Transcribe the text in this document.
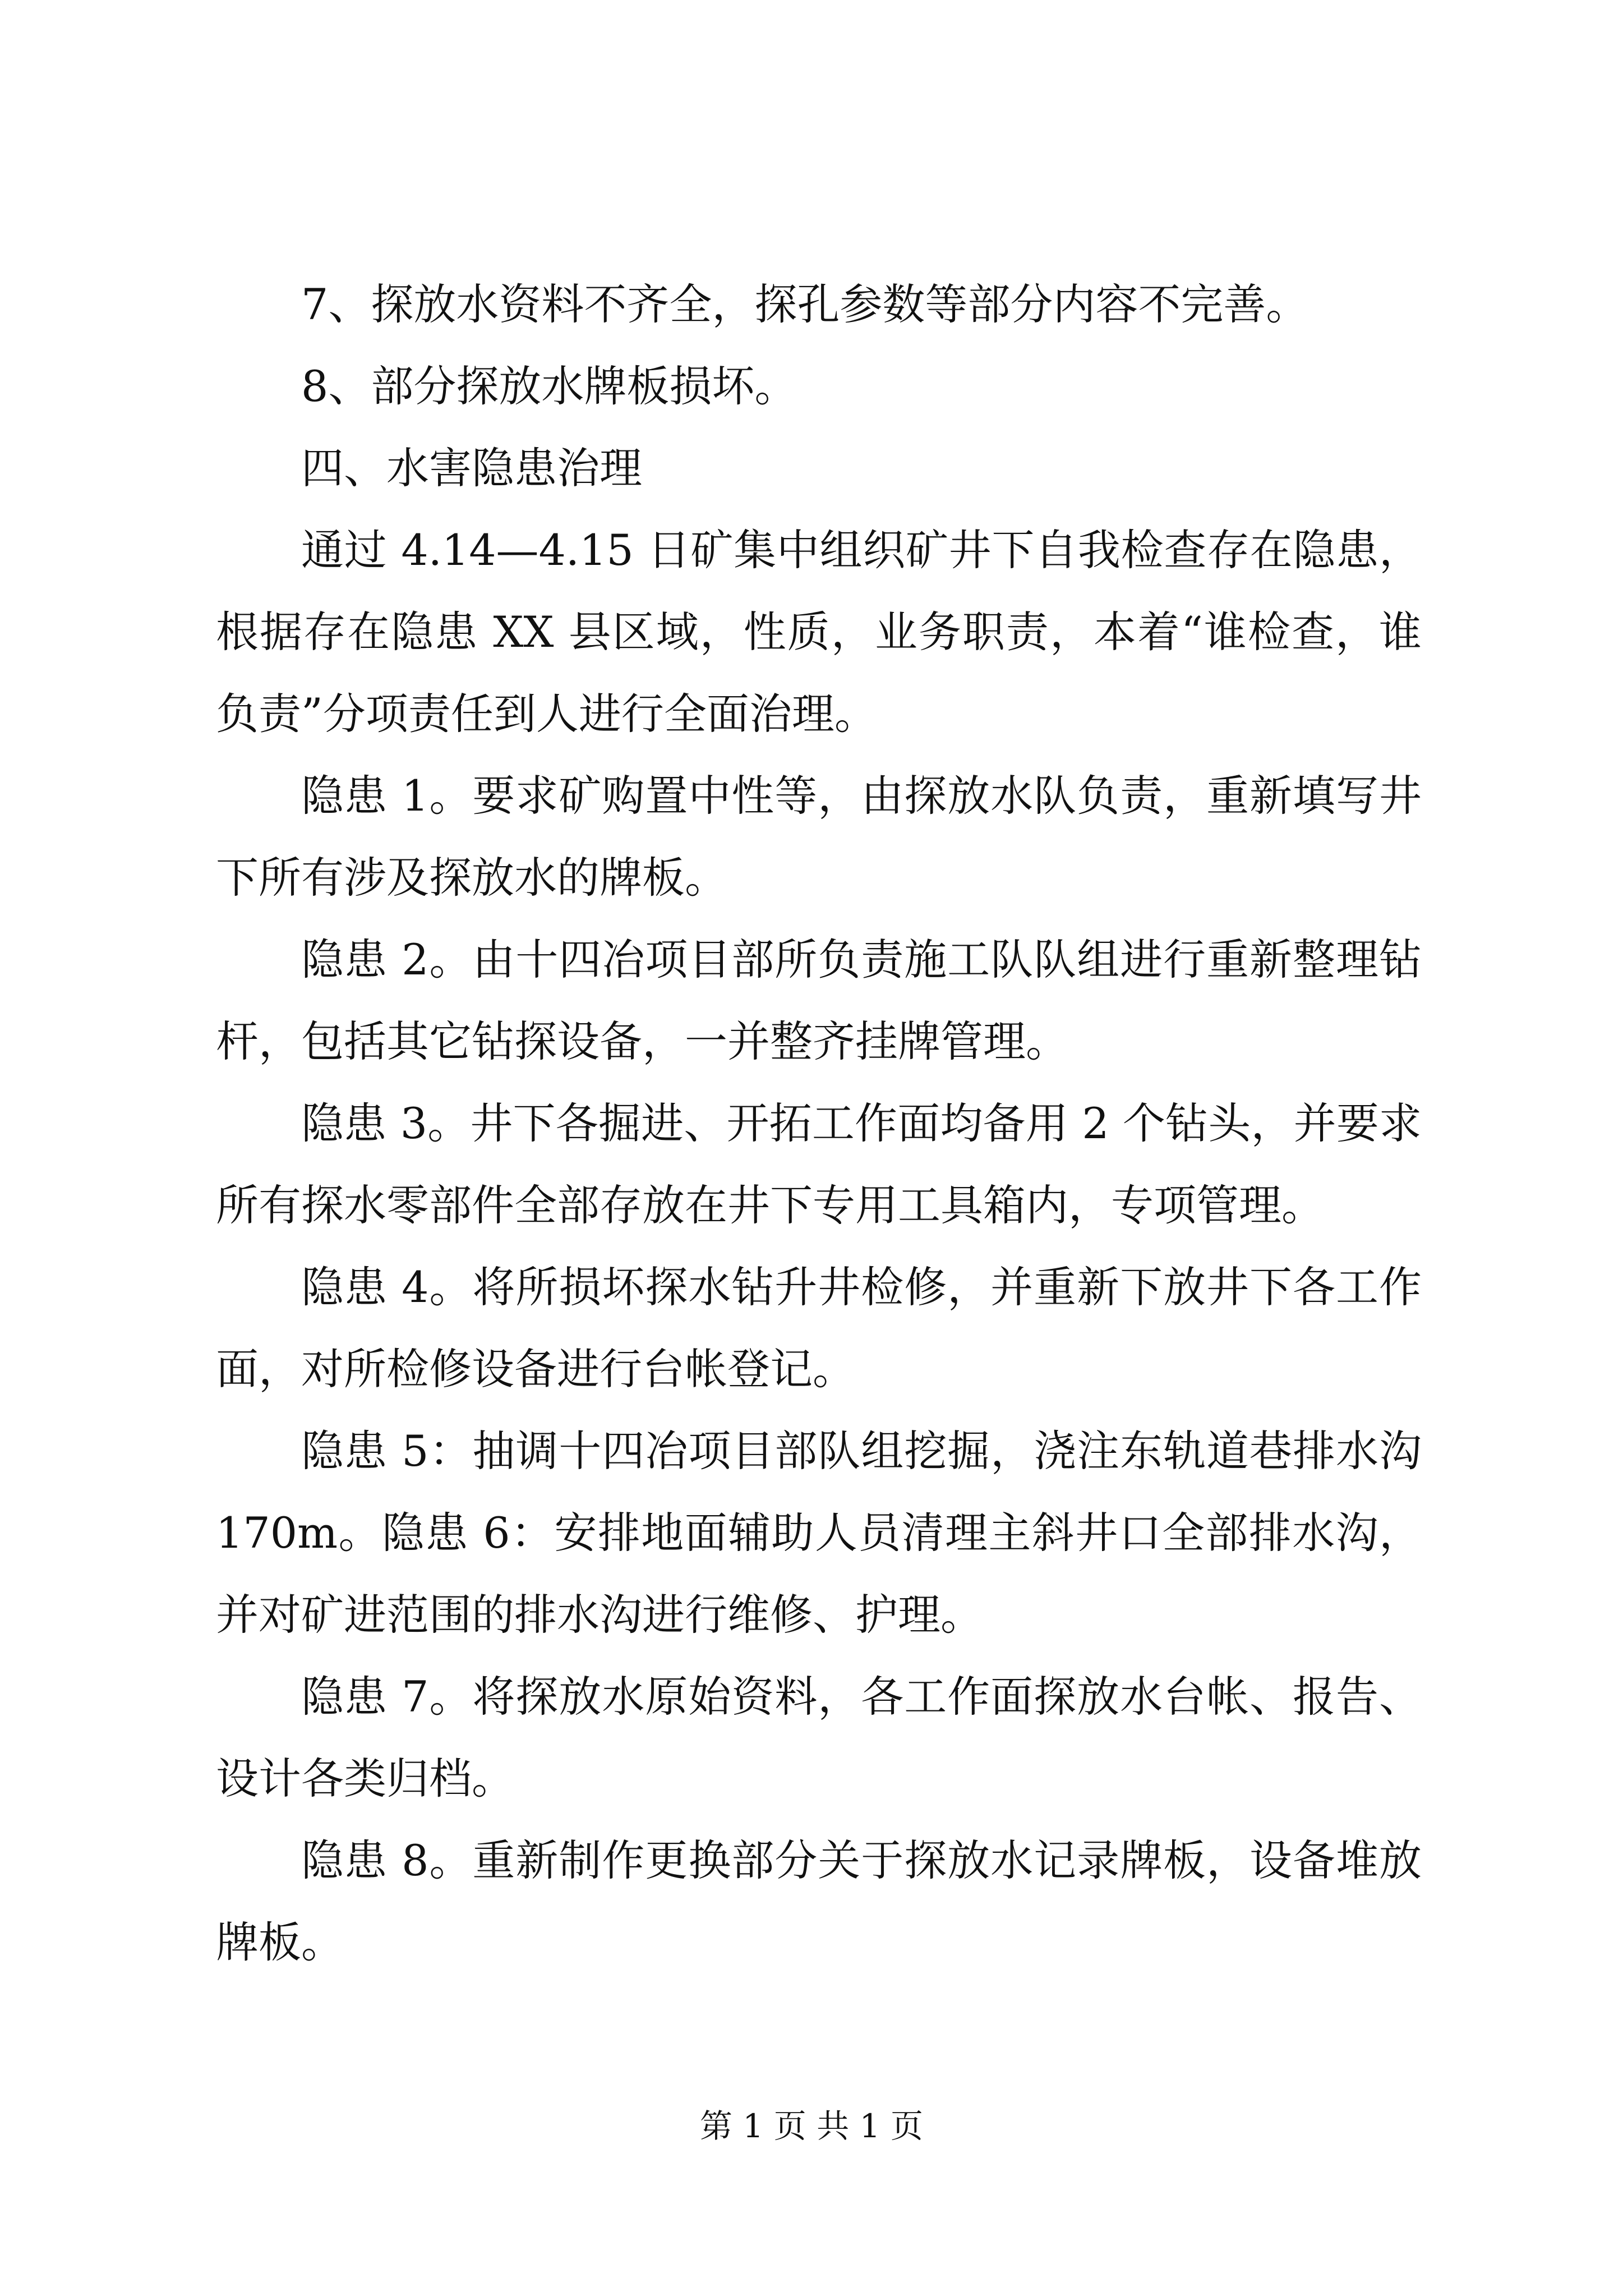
7、探放水资料不齐全，探孔参数等部分内容不完善。

8、部分探放水牌板损坏。

四、水害隐患治理

通过 4.14—4.15 日矿集中组织矿井下自我检查存在隐患，根据存在隐患 XX 县区域，性质，业务职责，本着“谁检查，谁负责”分项责任到人进行全面治理。

隐患 1。要求矿购置中性等，由探放水队负责，重新填写井下所有涉及探放水的牌板。

隐患 2。由十四冶项目部所负责施工队队组进行重新整理钻杆，包括其它钻探设备，一并整齐挂牌管理。

隐患 3。井下各掘进、开拓工作面均备用 2 个钻头，并要求所有探水零部件全部存放在井下专用工具箱内，专项管理。

隐患 4。将所损坏探水钻升井检修，并重新下放井下各工作面，对所检修设备进行台帐登记。

隐患 5：抽调十四冶项目部队组挖掘，浇注东轨道巷排水沟 170m。隐患 6：安排地面辅助人员清理主斜井口全部排水沟，并对矿进范围的排水沟进行维修、护理。

隐患 7。将探放水原始资料，各工作面探放水台帐、报告、设计各类归档。

隐患 8。重新制作更换部分关于探放水记录牌板，设备堆放牌板。

第 1 页 共 1 页
